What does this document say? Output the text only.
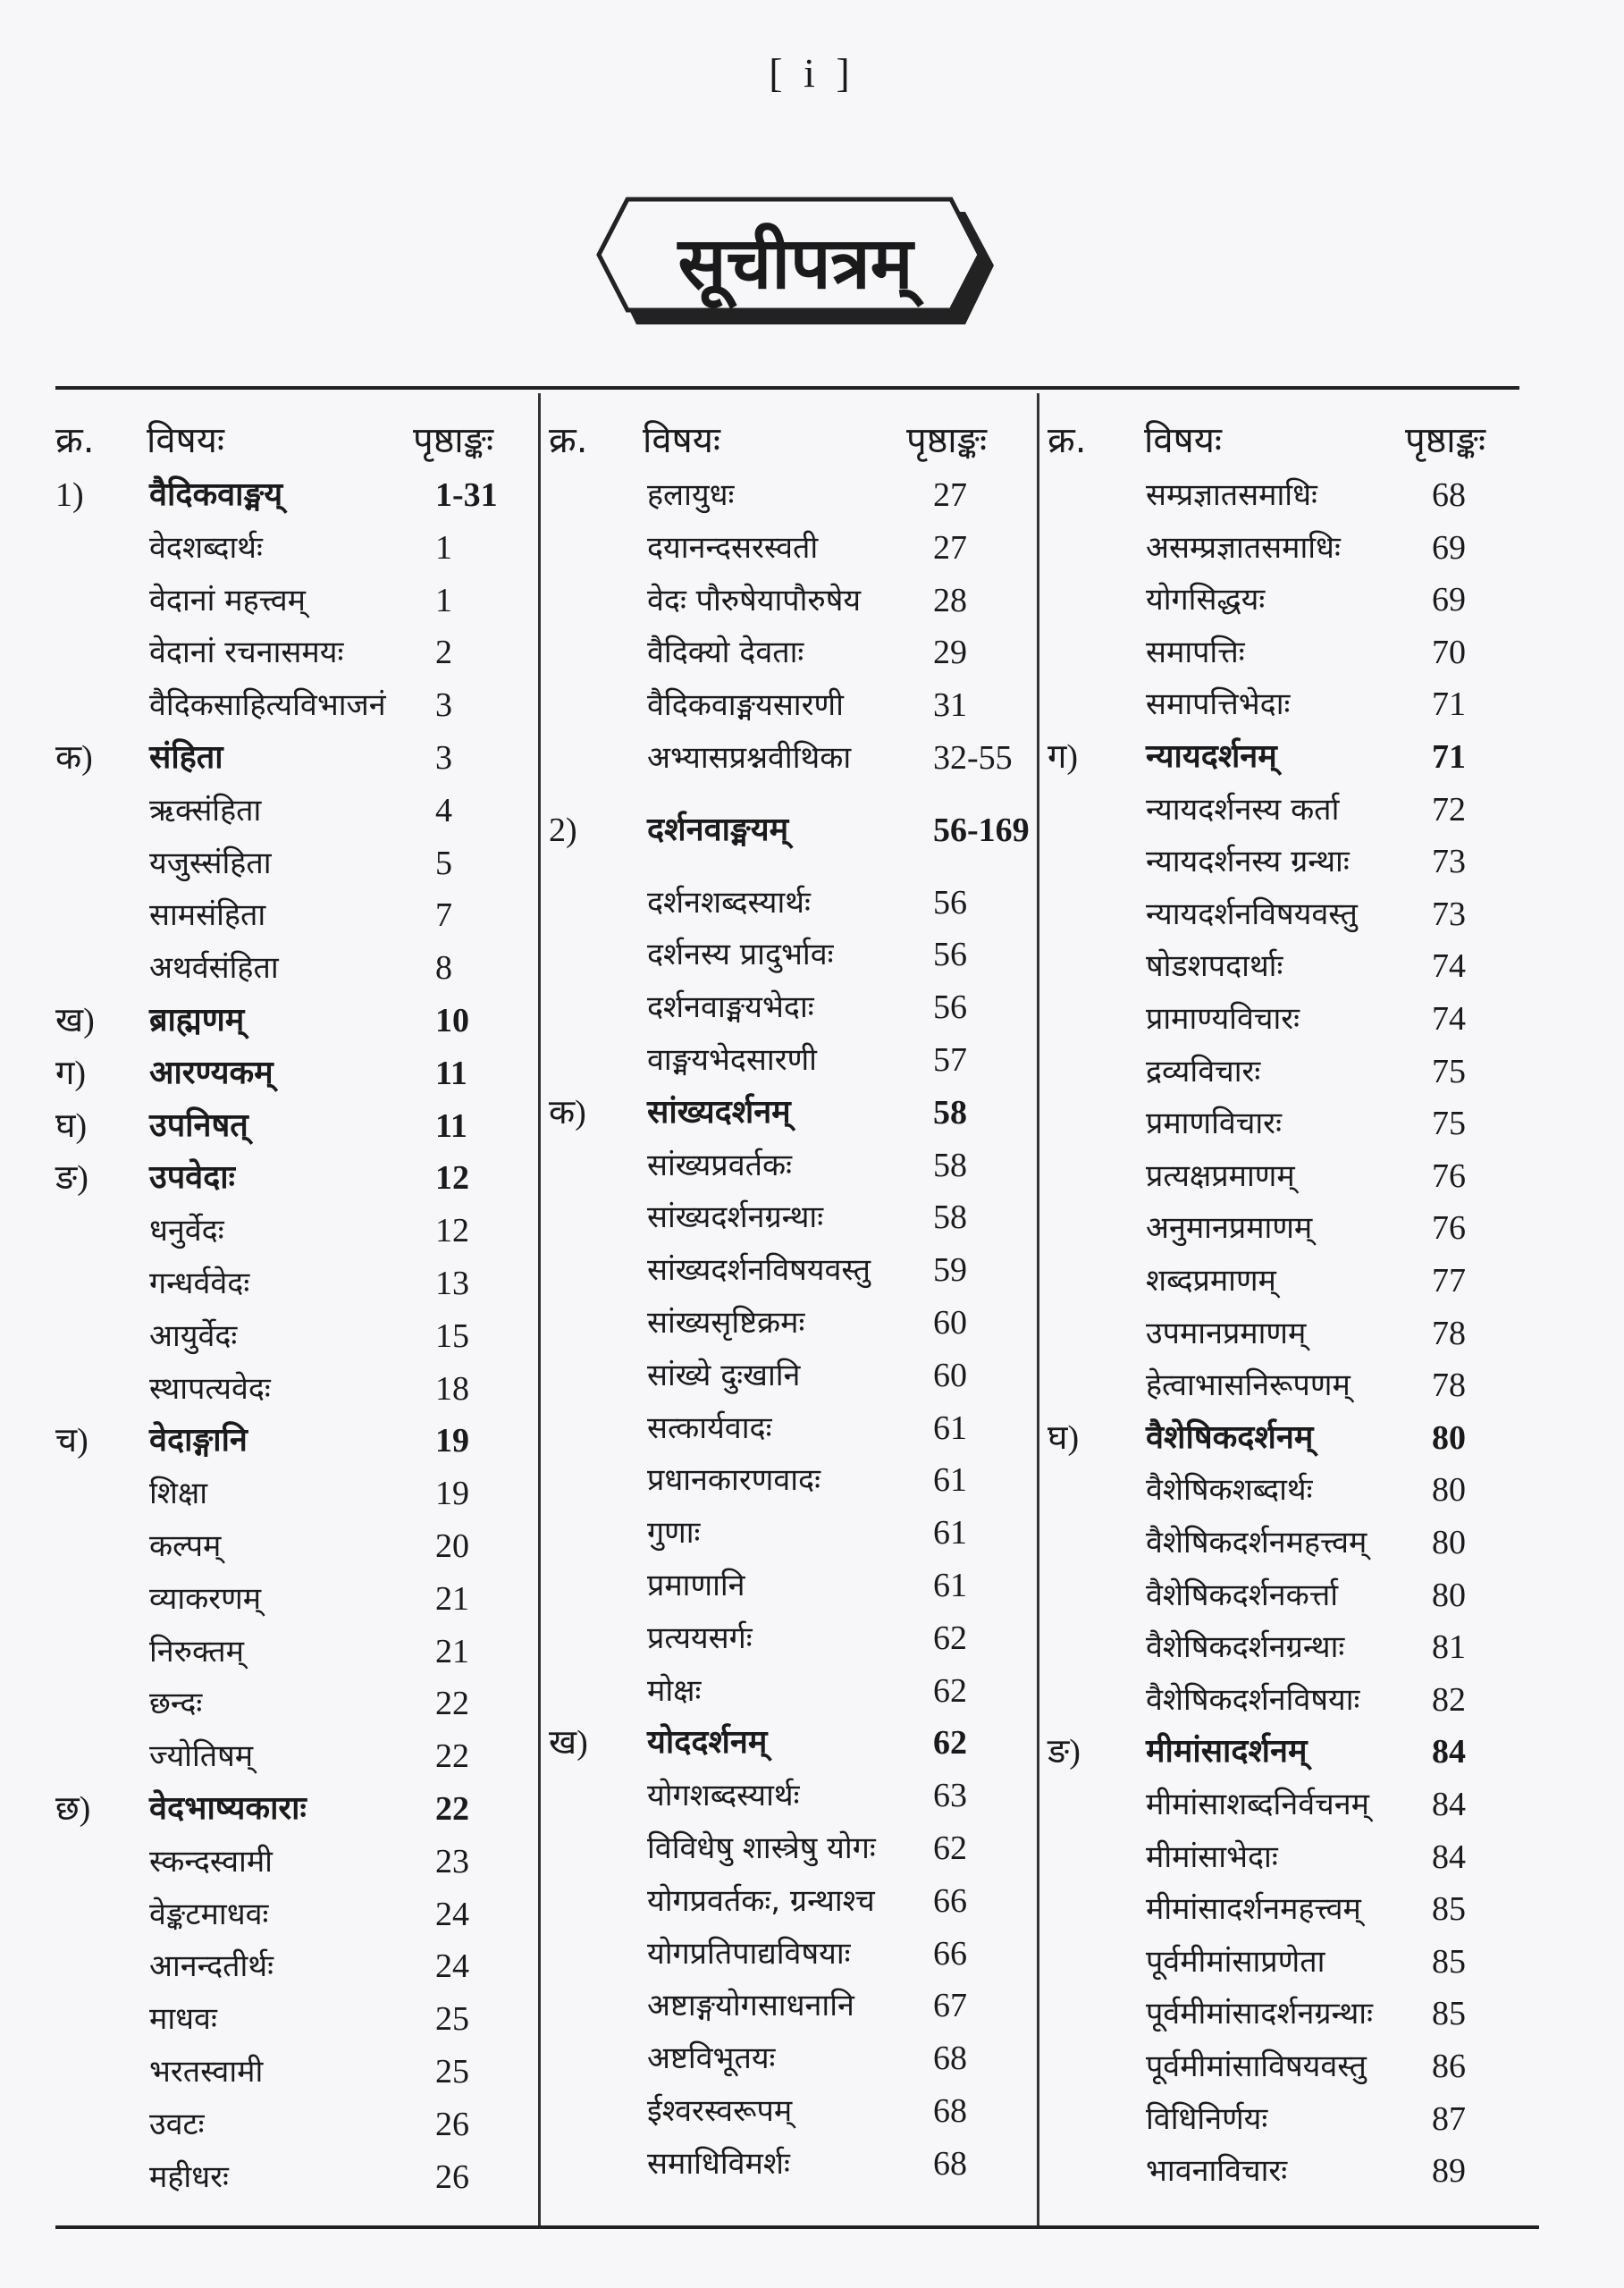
[ i ]
सूचीपत्रम्
क्र. विषयः	पृष्ठाङ्कः
1) वैदिकवाङ्मय्	1-31
वेदशब्दार्थः	1
वेदानां महत्त्वम्	1
वेदानां रचनासमयः	2
वैदिकसाहित्यविभाजनं 3
क) संहिता	3
ऋक्संहिता	4
यजुस्संहिता	5
सामसंहिता	7
अथर्वसंहिता	8
ख) ब्राह्मणम्	10
ग) आरण्यकम्	11
घ) उपनिषत्	11
ङ) उपवेदाः	12
धनुर्वेदः	12
गन्धर्ववेदः	13
आयुर्वेदः	15
स्थापत्यवेदः	18
च) वेदाङ्गानि	19
शिक्षा	19
कल्पम्	20
व्याकरणम्	21
निरुक्तम्	21
छन्दः	22
ज्योतिषम्	22
छ) वेदभाष्यकाराः	22
स्कन्दस्वामी	23
वेङ्कटमाधवः	24
आनन्दतीर्थः	24
माधवः	25
भरतस्वामी	25
उवटः	26
महीधरः	26
क्र. विषयः	पृष्ठाङ्कः
हलायुधः	27
दयानन्दसरस्वती	27
वेदः पौरुषेयापौरुषेय 28
वैदिक्यो देवताः	29
वैदिकवाङ्मयसारणी	31
अभ्यासप्रश्नवीथिका 32-55
2) दर्शनवाङ्मयम्	56-169
दर्शनशब्दस्यार्थः	56
दर्शनस्य प्रादुर्भावः	56
दर्शनवाङ्मयभेदाः	56
वाङ्मयभेदसारणी	57
क) सांख्यदर्शनम्	58
सांख्यप्रवर्तकः	58
सांख्यदर्शनग्रन्थाः	58
सांख्यदर्शनविषयवस्तु 59
सांख्यसृष्टिक्रमः	60
सांख्ये दुःखानि	60
सत्कार्यवादः	61
प्रधानकारणवादः	61
गुणाः	61
प्रमाणानि	61
प्रत्ययसर्गः	62
मोक्षः	62
ख) योददर्शनम्	62
योगशब्दस्यार्थः	63
विविधेषु शास्त्रेषु योगः 62
योगप्रवर्तकः, ग्रन्थाश्च 66
योगप्रतिपाद्यविषयाः 66
अष्टाङ्गयोगसाधनानि 67
अष्टविभूतयः	68
ईश्वरस्वरूपम्	68
समाधिविमर्शः	68
क्र. विषयः	पृष्ठाङ्कः
सम्प्रज्ञातसमाधिः	68
असम्प्रज्ञातसमाधिः	69
योगसिद्धयः	69
समापत्तिः	70
समापत्तिभेदाः	71
ग) न्यायदर्शनम्	71
न्यायदर्शनस्य कर्ता	72
न्यायदर्शनस्य ग्रन्थाः 73
न्यायदर्शनविषयवस्तु 73
षोडशपदार्थाः	74
प्रामाण्यविचारः	74
द्रव्यविचारः	75
प्रमाणविचारः	75
प्रत्यक्षप्रमाणम्	76
अनुमानप्रमाणम्	76
शब्दप्रमाणम्	77
उपमानप्रमाणम्	78
हेत्वाभासनिरूपणम् 78
घ) वैशेषिकदर्शनम्	80
वैशेषिकशब्दार्थः	80
वैशेषिकदर्शनमहत्त्वम् 80
वैशेषिकदर्शनकर्त्ता	80
वैशेषिकदर्शनग्रन्थाः	81
वैशेषिकदर्शनविषयाः 82
ङ) मीमांसादर्शनम्	84
मीमांसाशब्दनिर्वचनम् 84
मीमांसाभेदाः	84
मीमांसादर्शनमहत्त्वम् 85
पूर्वमीमांसाप्रणेता	85
पूर्वमीमांसादर्शनग्रन्थाः 85
पूर्वमीमांसाविषयवस्तु 86
विधिनिर्णयः	87
भावनाविचारः	89
